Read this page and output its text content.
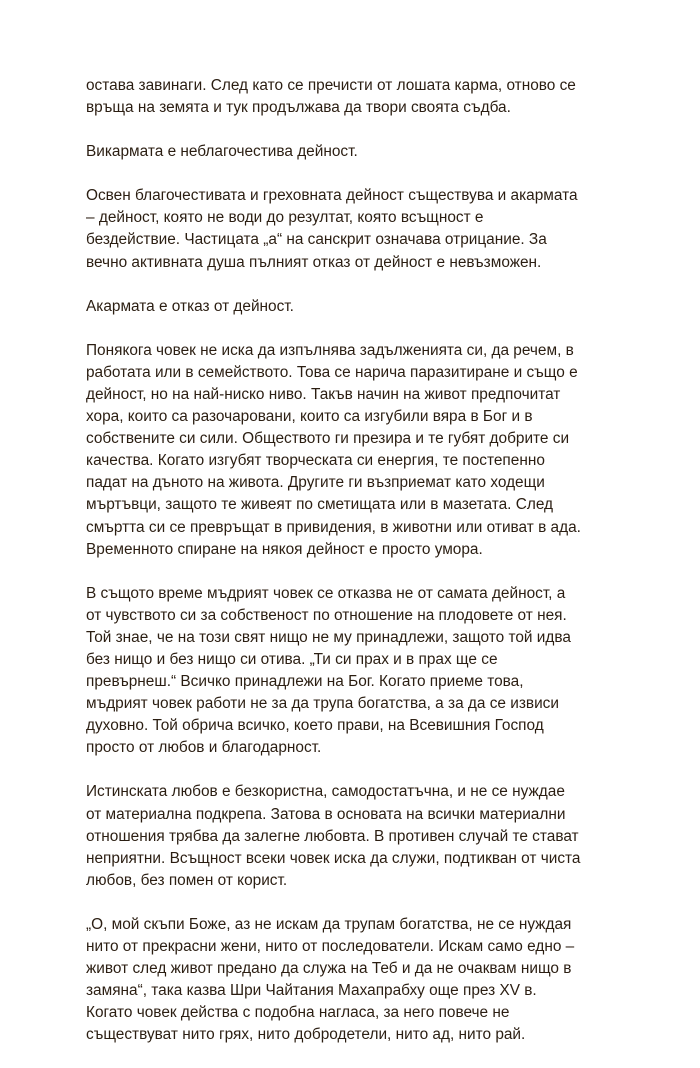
остава завинаги. След като се пречисти от лошата карма, отново се
връща на земята и тук продължава да твори своята съдба.

Викармата е неблагочестива дейност.

Освен благочестивата и греховната дейност съществува и акармата
– дейност, която не води до резултат, която всъщност е
бездействие. Частицата „а“ на санскрит означава отрицание. За
вечно активната душа пълният отказ от дейност е невъзможен.

Акармата е отказ от дейност.

Понякога човек не иска да изпълнява задълженията си, да речем, в
работата или в семейството. Това се нарича паразитиране и също е
дейност, но на най-ниско ниво. Такъв начин на живот предпочитат
хора, които са разочаровани, които са изгубили вяра в Бог и в
собствените си сили. Обществото ги презира и те губят добрите си
качества. Когато изгубят творческата си енергия, те постепенно
падат на дъното на живота. Другите ги възприемат като ходещи
мъртъвци, защото те живеят по сметищата или в мазетата. След
смъртта си се превръщат в привидения, в животни или отиват в ада.
Временното спиране на някоя дейност е просто умора.

В същото време мъдрият човек се отказва не от самата дейност, а
от чувството си за собственост по отношение на плодовете от нея.
Той знае, че на този свят нищо не му принадлежи, защото той идва
без нищо и без нищо си отива. „Ти си прах и в прах ще се
превърнеш.“ Всичко принадлежи на Бог. Когато приеме това,
мъдрият човек работи не за да трупа богатства, а за да се извиси
духовно. Той обрича всичко, което прави, на Всевишния Господ
просто от любов и благодарност.

Истинската любов е безкористна, самодостатъчна, и не се нуждае
от материална подкрепа. Затова в основата на всички материални
отношения трябва да залегне любовта. В противен случай те стават
неприятни. Всъщност всеки човек иска да служи, подтикван от чиста
любов, без помен от корист.

„О, мой скъпи Боже, аз не искам да трупам богатства, не се нуждая
нито от прекрасни жени, нито от последователи. Искам само едно –
живот след живот предано да служа на Теб и да не очаквам нищо в
замяна“, така казва Шри Чайтания Махапрабху още през XV в.
Когато човек действа с подобна нагласа, за него повече не
съществуват нито грях, нито добродетели, нито ад, нито рай.
